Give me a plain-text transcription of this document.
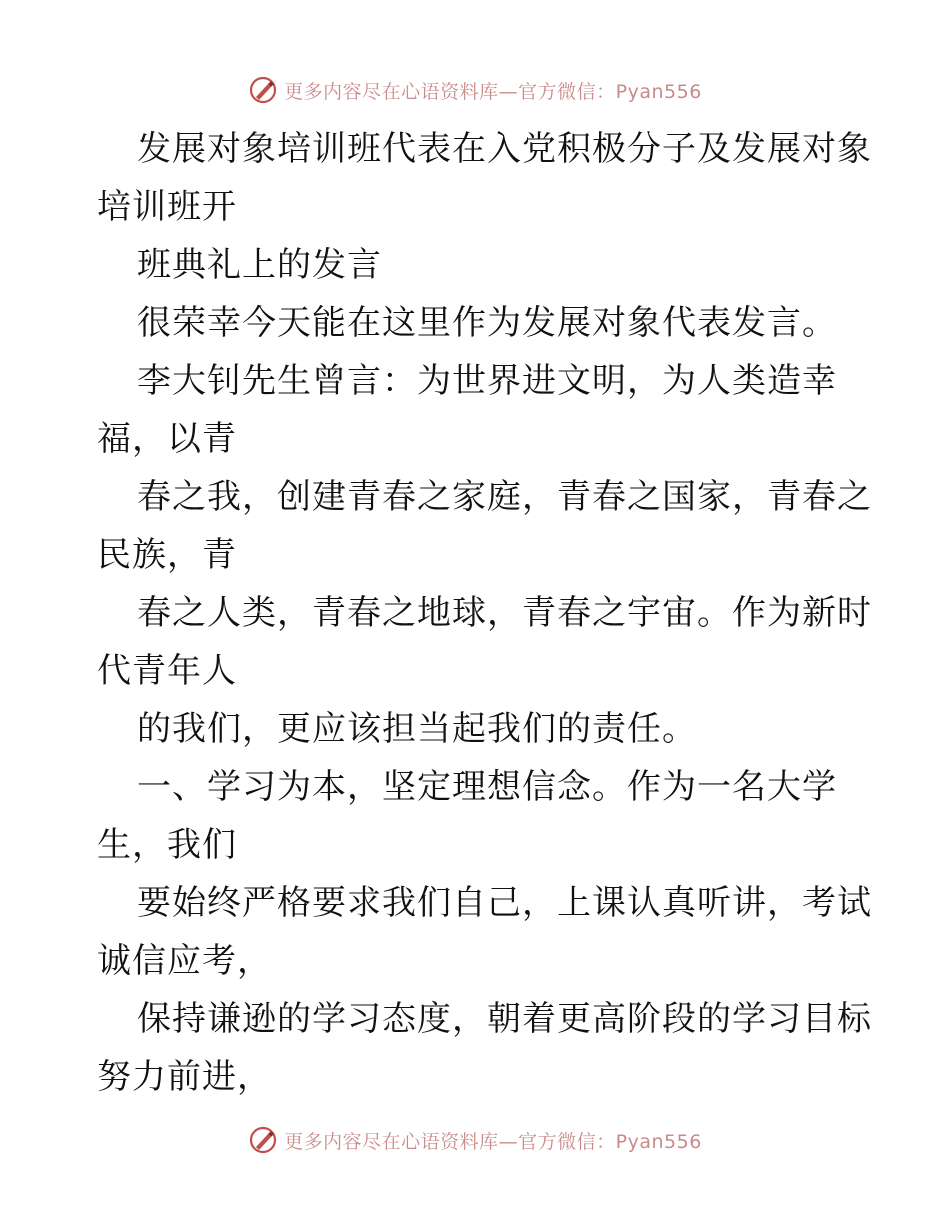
更多内容尽在心语资料库—官方微信：Pyan556
发展对象培训班代表在入党积极分子及发展对象
培训班开
班典礼上的发言
很荣幸今天能在这里作为发展对象代表发言。
李大钊先生曾言：为世界进文明，为人类造幸
福，以青
春之我，创建青春之家庭，青春之国家，青春之
民族，青
春之人类，青春之地球，青春之宇宙。作为新时
代青年人
的我们，更应该担当起我们的责任。
一、学习为本，坚定理想信念。作为一名大学
生，我们
要始终严格要求我们自己，上课认真听讲，考试
诚信应考，
保持谦逊的学习态度，朝着更高阶段的学习目标
努力前进，
更多内容尽在心语资料库—官方微信：Pyan556
